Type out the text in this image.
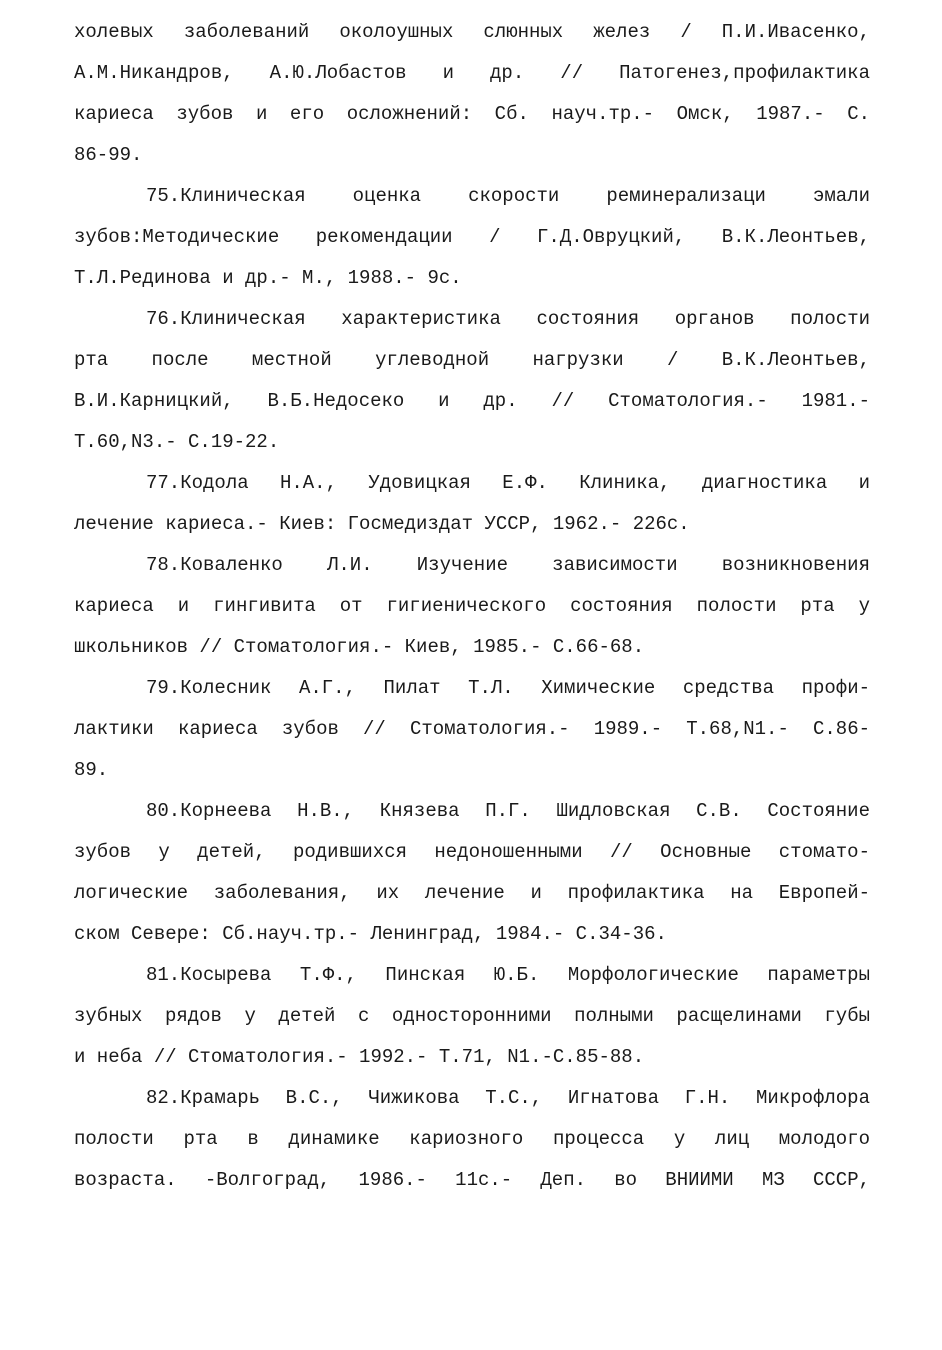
холевых заболеваний околоушных слюнных желез / П.И.Ивасенко,
А.М.Никандров, А.Ю.Лобастов и др. // Патогенез,профилактика
кариеса зубов и его осложнений: Сб. науч.тр.- Омск, 1987.- С.
86-99.
75.Клиническая оценка скорости реминерализаци эмали
зубов:Методические рекомендации / Г.Д.Овруцкий, В.К.Леонтьев,
Т.Л.Рединова и др.- М., 1988.- 9с.
76.Клиническая характеристика состояния органов полости
рта после местной углеводной нагрузки / В.К.Леонтьев,
В.И.Карницкий, В.Б.Недосеко и др. // Стоматология.- 1981.-
Т.60,N3.- С.19-22.
77.Кодола Н.А., Удовицкая Е.Ф. Клиника, диагностика и
лечение кариеса.- Киев: Госмедиздат УССР, 1962.- 226с.
78.Коваленко Л.И. Изучение зависимости возникновения
кариеса и гингивита от гигиенического состояния полости рта у
школьников // Стоматология.- Киев, 1985.- С.66-68.
79.Колесник А.Г., Пилат Т.Л. Химические средства профи-
лактики кариеса зубов // Стоматология.- 1989.- Т.68,N1.- С.86-
89.
80.Корнеева Н.В., Князева П.Г. Шидловская С.В. Состояние
зубов у детей, родившихся недоношенными // Основные стомато-
логические заболевания, их лечение и профилактика на Европей-
ском Севере: Сб.науч.тр.- Ленинград, 1984.- С.34-36.
81.Косырева Т.Ф., Пинская Ю.Б. Морфологические параметры
зубных рядов у детей с односторонними полными расщелинами губы
и неба // Стоматология.- 1992.- Т.71, N1.-С.85-88.
82.Крамарь В.С., Чижикова Т.С., Игнатова Г.Н. Микрофлора
полости рта в динамике кариозного процесса у лиц молодого
возраста. -Волгоград, 1986.- 11с.- Деп. во ВНИИМИ МЗ СССР,
